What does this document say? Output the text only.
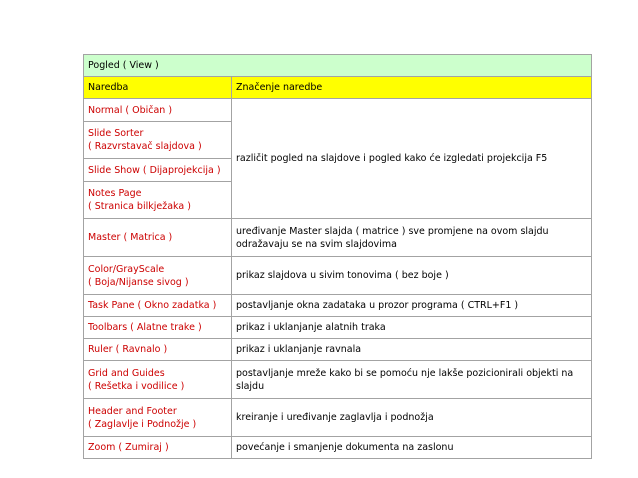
Pogled ( View )	
Naredba	Značenje naredbe

Normal ( Običan )	različit pogled na slajdove i pogled kako će izgledati projekcija F5

Slide Sorter
( Razvrstavač slajdova )	

Slide Show ( Dijaprojekcija )	

Notes Page
( Stranica bilkježaka )	

Master ( Matrica )	uređivanje Master slajda ( matrice ) sve promjene na ovom slajdu
odražavaju se na svim slajdovima

Color/GrayScale
( Boja/Nijanse sivog )	prikaz slajdova u sivim tonovima ( bez boje )

Task Pane ( Okno zadatka )	postavljanje okna zadataka u prozor programa ( CTRL+F1 )

Toolbars ( Alatne trake )	prikaz i uklanjanje alatnih traka

Ruler ( Ravnalo )	prikaz i uklanjanje ravnala

Grid and Guides
( Rešetka i vodilice )	postavljanje mreže kako bi se pomoću nje lakše pozicionirali objekti na
slajdu

Header and Footer
( Zaglavlje i Podnožje )	kreiranje i uređivanje zaglavlja i podnožja

Zoom ( Zumiraj )	povećanje i smanjenje dokumenta na zaslonu
